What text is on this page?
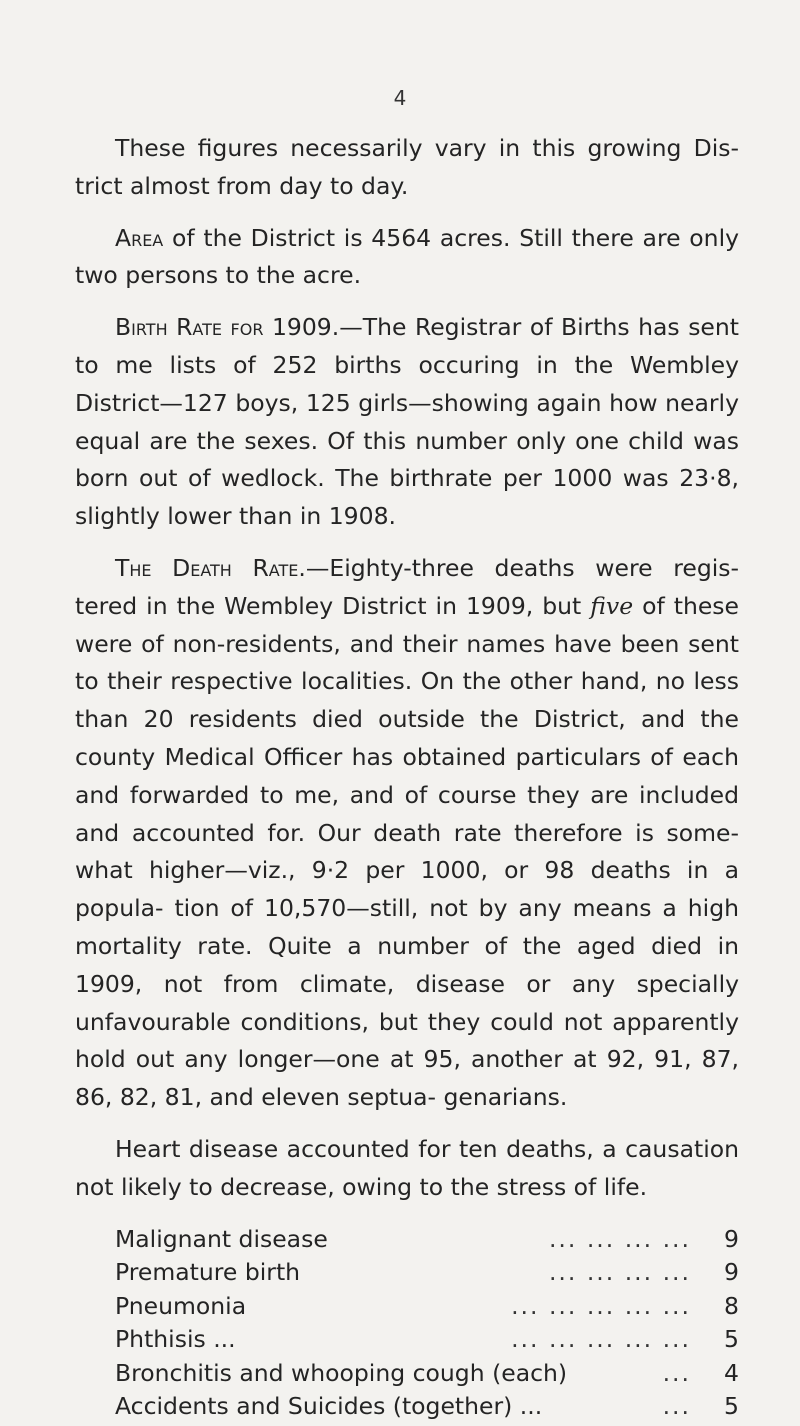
4

These figures necessarily vary in this growing Dis- trict almost from day to day.

Area of the District is 4564 acres. Still there are only two persons to the acre.

Birth Rate for 1909.—The Registrar of Births has sent to me lists of 252 births occuring in the Wembley District—127 boys, 125 girls—showing again how nearly equal are the sexes. Of this number only one child was born out of wedlock. The birthrate per 1000 was 23·8, slightly lower than in 1908.

The Death Rate.—Eighty-three deaths were regis- tered in the Wembley District in 1909, but five of these were of non-residents, and their names have been sent to their respective localities. On the other hand, no less than 20 residents died outside the District, and the county Medical Officer has obtained particulars of each and forwarded to me, and of course they are included and accounted for. Our death rate therefore is some- what higher—viz., 9·2 per 1000, or 98 deaths in a popula- tion of 10,570—still, not by any means a high mortality rate. Quite a number of the aged died in 1909, not from climate, disease or any specially unfavourable conditions, but they could not apparently hold out any longer—one at 95, another at 92, 91, 87, 86, 82, 81, and eleven septua- genarians.

Heart disease accounted for ten deaths, a causation not likely to decrease, owing to the stress of life.

Malignant disease	... ... ... ... 9
Premature birth	... ... ... ... 9
Pneumonia	... ... ... ... ... 8
Phthisis ...	... ... ... ... ... 5
Bronchitis and whooping cough (each)	... 4
Accidents and Suicides (together) ...	... 5
